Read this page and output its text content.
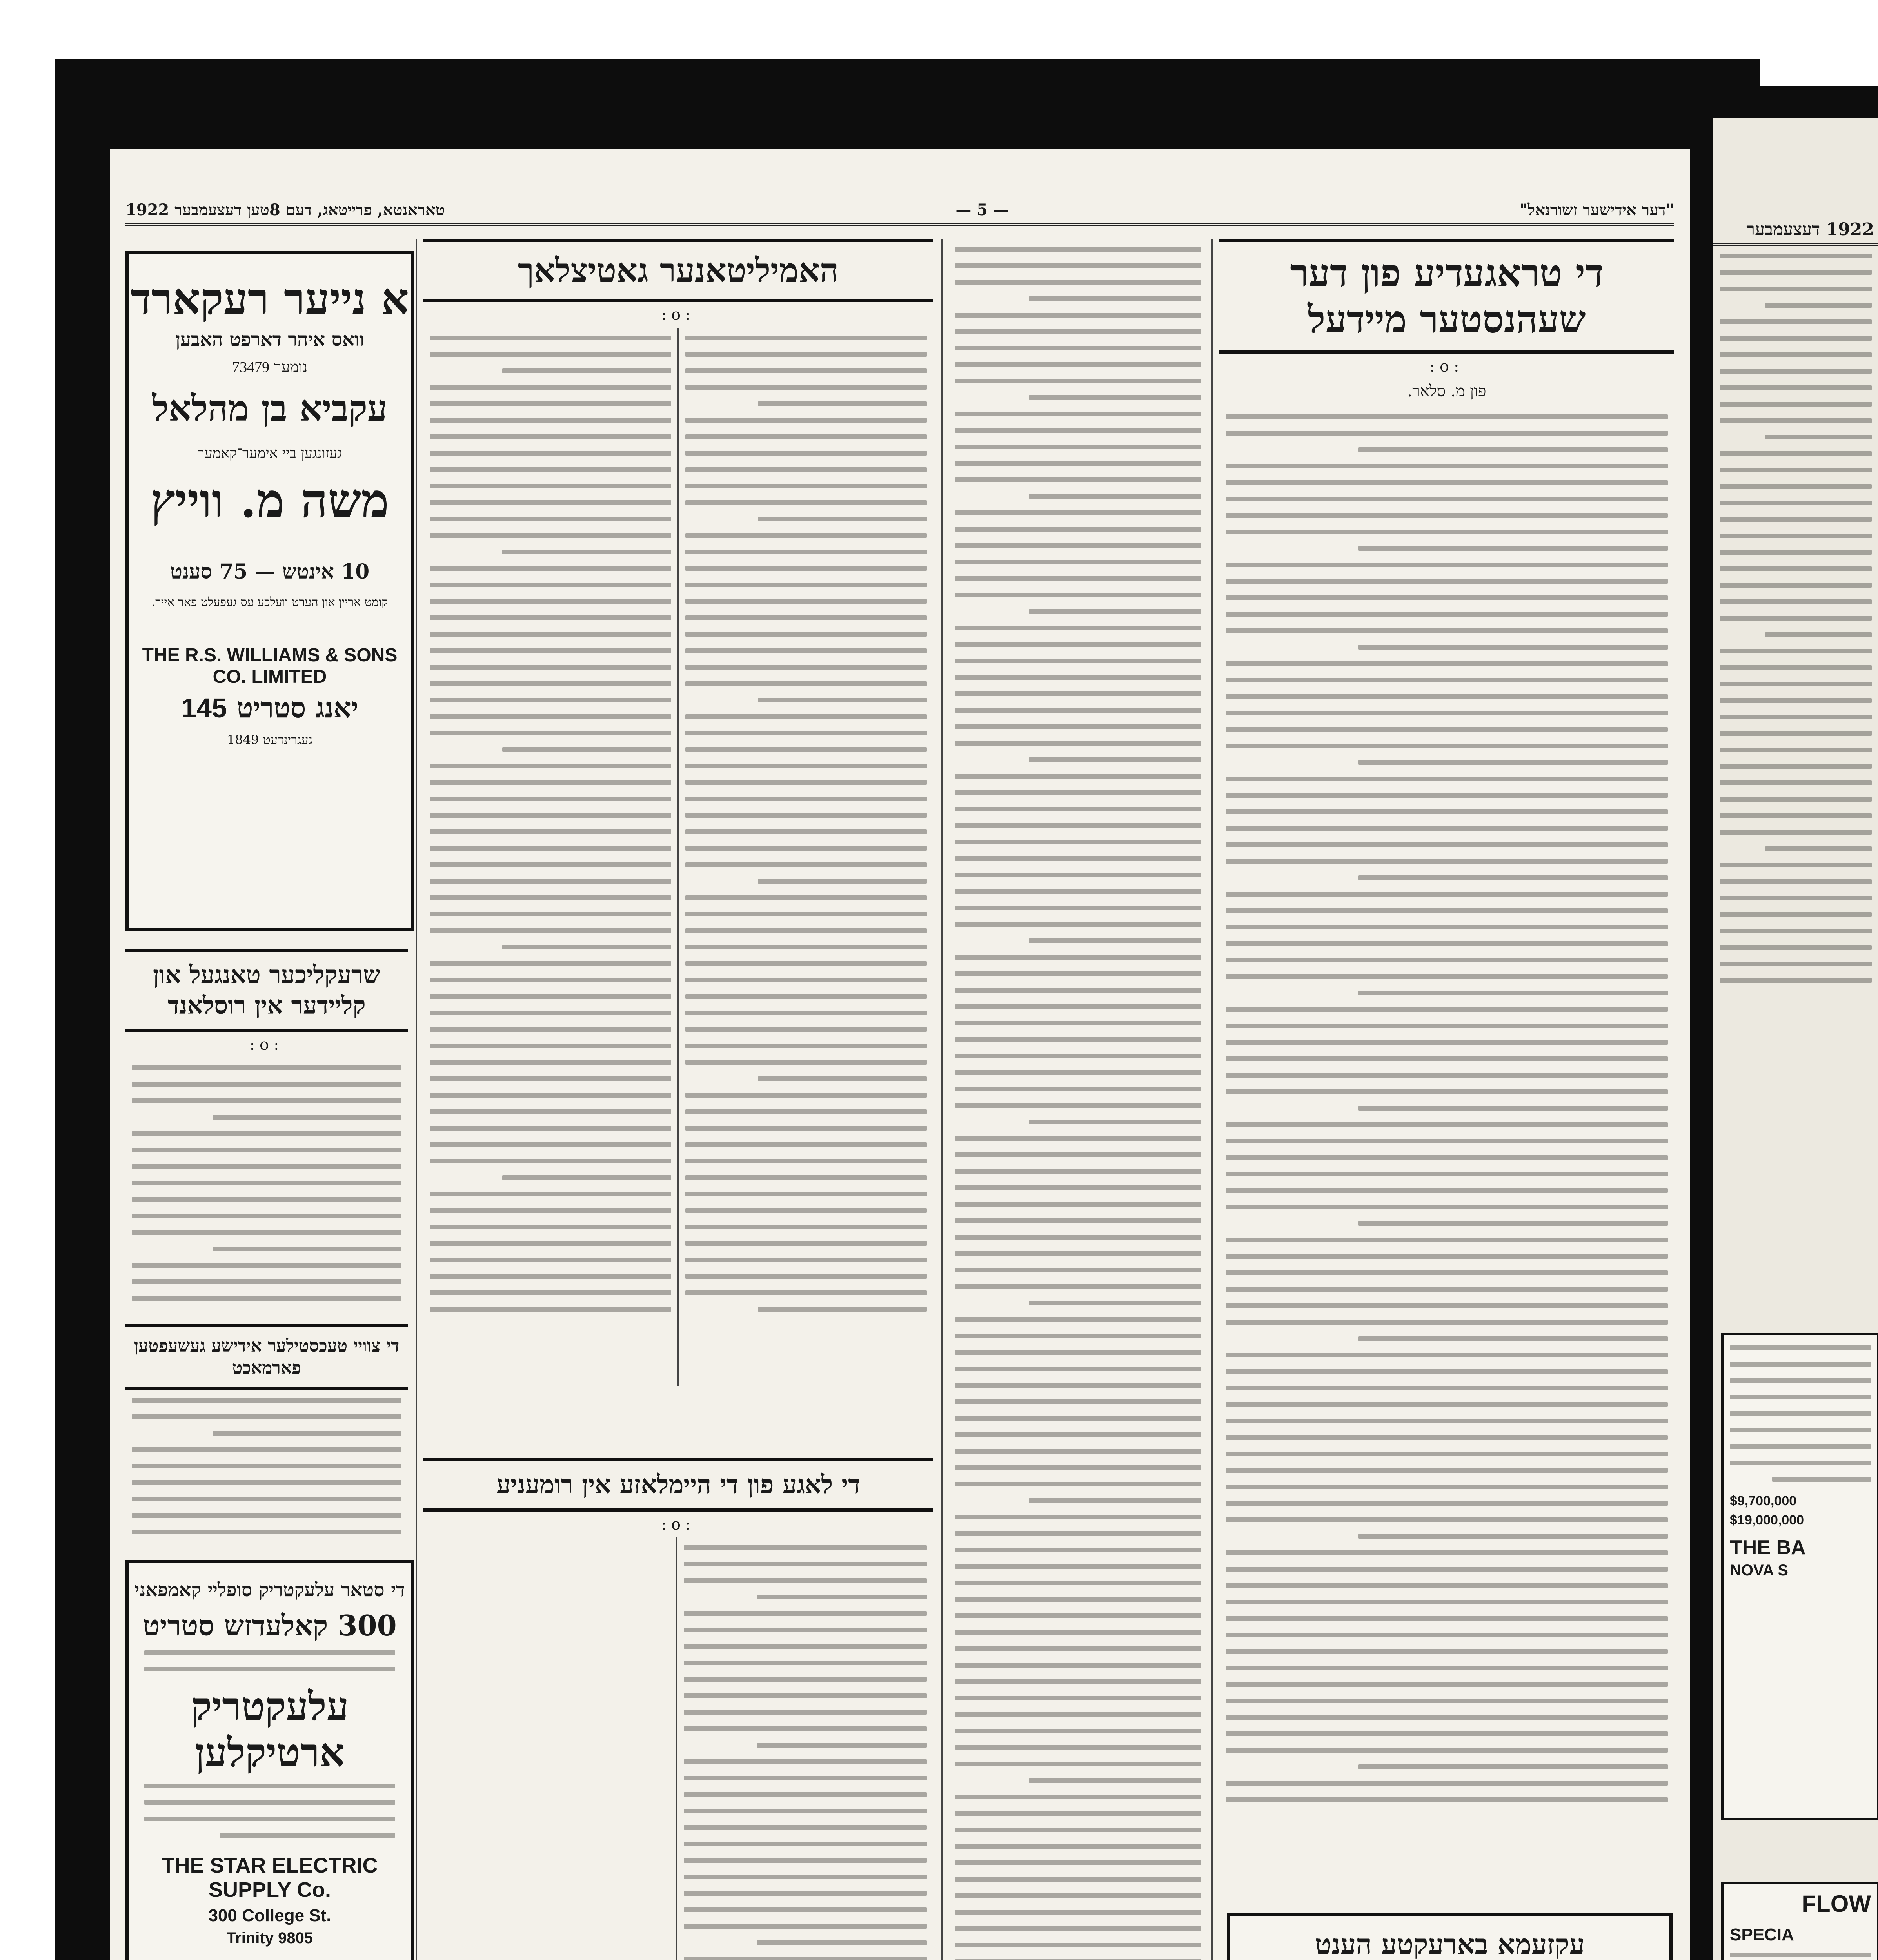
"דער אידישער זשורנאל"
— 5 —
טאראנטא, פרייטאג, דעם 8טען דעצעמבער 1922
די טראגעדיע פון דער שעהנסטער מיידעל
:o:
פון מ. סלאר.
עקזעמא בארעקטע הענט
האמיליטאנער גאטיצלאך
:o:
די לאגע פון די היימלאזע אין רומעניע
:o:
א נייער רעקארד
וואס איהר דארפט האבען
נומער 73479
עקביא בן מהלאל
געזונגען ביי אימער־קאמער
משה מ. ווייץ
10 אינטש — 75 סענט
קומט אריין און הערט וועלכע עס געפעלט פאר אייך.
THE R.S. WILLIAMS & SONS CO. LIMITED
יאנג סטריט 145
געגרינדעט 1849
שרעקליכער טאנגעל און קליידער אין רוסלאנד
:o:
די צוויי טעכסטילער אידישע געשעפטען פארמאכט
די סטאר עלעקטריק סופליי קאמפאני
300 קאלעדזש סטריט
עלעקטריק ארטיקלען
THE STAR ELECTRIC SUPPLY Co.
300 College St.
Trinity 9805
1922 דעצעמבער
$9,700,000
$19,000,000
THE BA
NOVA S
FLOW
SPECIA
